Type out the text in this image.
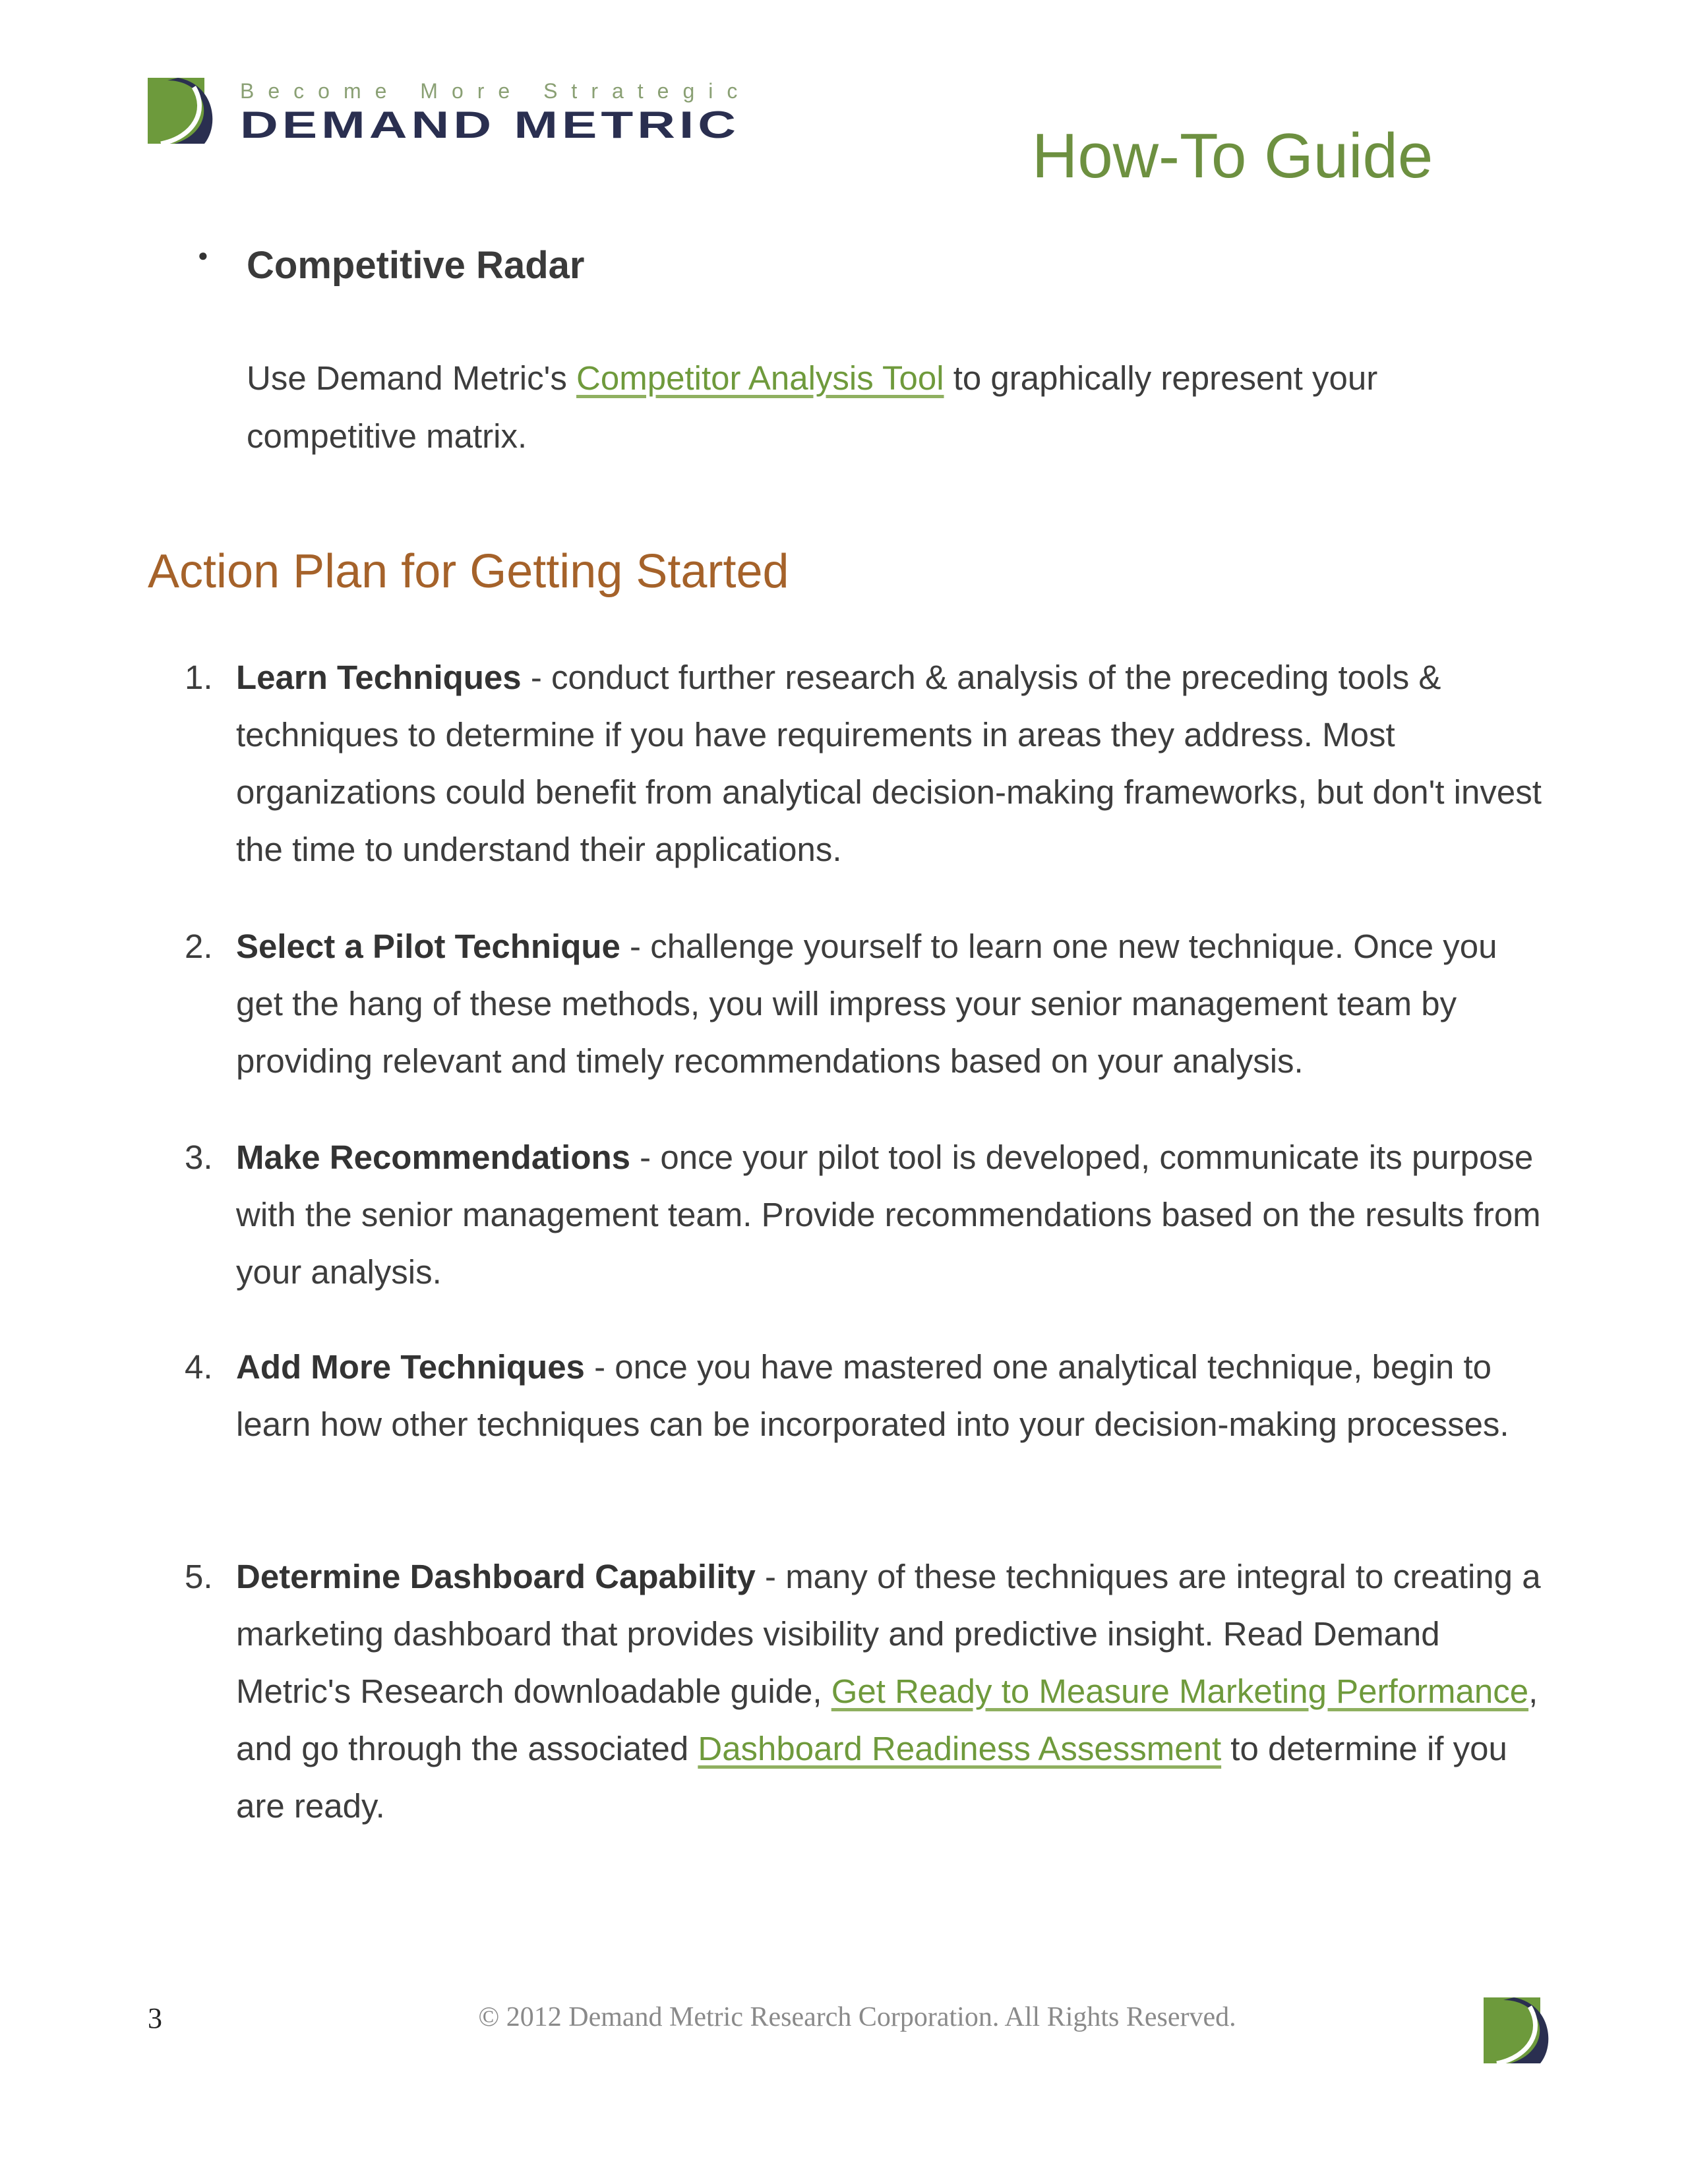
Become More Strategic
DEMAND METRIC	How-To Guide
● Competitive Radar
Use Demand Metric's Competitor Analysis Tool to graphically represent your competitive matrix.
Action Plan for Getting Started
1. Learn Techniques - conduct further research & analysis of the preceding tools & techniques to determine if you have requirements in areas they address. Most organizations could benefit from analytical decision-making frameworks, but don't invest the time to understand their applications.
2. Select a Pilot Technique - challenge yourself to learn one new technique. Once you get the hang of these methods, you will impress your senior management team by providing relevant and timely recommendations based on your analysis.
3. Make Recommendations - once your pilot tool is developed, communicate its purpose with the senior management team. Provide recommendations based on the results from your analysis.
4. Add More Techniques - once you have mastered one analytical technique, begin to learn how other techniques can be incorporated into your decision-making processes.
5. Determine Dashboard Capability - many of these techniques are integral to creating a marketing dashboard that provides visibility and predictive insight. Read Demand Metric's Research downloadable guide, Get Ready to Measure Marketing Performance, and go through the associated Dashboard Readiness Assessment to determine if you are ready.
© 2012 Demand Metric Research Corporation. All Rights Reserved.
3
